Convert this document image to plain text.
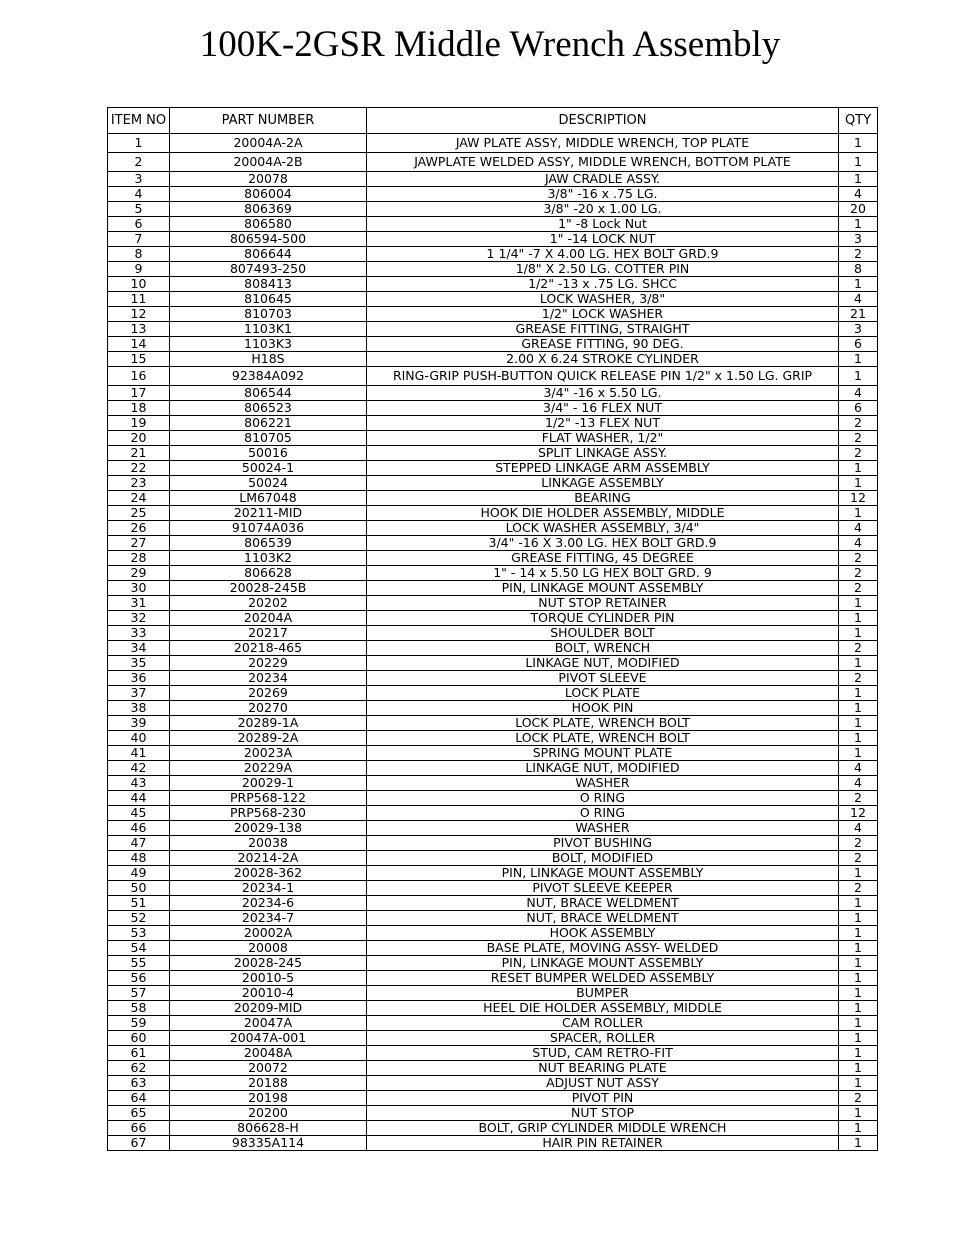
100K-2GSR Middle Wrench Assembly
ITEM NO	PART NUMBER	DESCRIPTION	QTY
1	20004A-2A	JAW PLATE ASSY, MIDDLE WRENCH, TOP PLATE	1
2	20004A-2B	JAWPLATE WELDED ASSY, MIDDLE WRENCH, BOTTOM PLATE	1
3	20078	JAW CRADLE ASSY.	1
4	806004	3/8" -16 x .75 LG.	4
5	806369	3/8" -20 x 1.00 LG.	20
6	806580	1" -8 Lock Nut	1
7	806594-500	1" -14 LOCK NUT	3
8	806644	1 1/4" -7 X 4.00 LG. HEX BOLT GRD.9	2
9	807493-250	1/8" X 2.50 LG. COTTER PIN	8
10	808413	1/2" -13 x .75 LG. SHCC	1
11	810645	LOCK WASHER, 3/8"	4
12	810703	1/2" LOCK WASHER	21
13	1103K1	GREASE FITTING, STRAIGHT	3
14	1103K3	GREASE FITTING, 90 DEG.	6
15	H18S	2.00 X 6.24 STROKE CYLINDER	1
16	92384A092	RING-GRIP PUSH-BUTTON QUICK RELEASE PIN 1/2" x 1.50 LG. GRIP	1
17	806544	3/4" -16 x 5.50 LG.	4
18	806523	3/4" - 16 FLEX NUT	6
19	806221	1/2" -13 FLEX NUT	2
20	810705	FLAT WASHER, 1/2"	2
21	50016	SPLIT LINKAGE ASSY.	2
22	50024-1	STEPPED LINKAGE ARM ASSEMBLY	1
23	50024	LINKAGE ASSEMBLY	1
24	LM67048	BEARING	12
25	20211-MID	HOOK DIE HOLDER ASSEMBLY, MIDDLE	1
26	91074A036	LOCK WASHER ASSEMBLY, 3/4"	4
27	806539	3/4" -16 X 3.00 LG. HEX BOLT GRD.9	4
28	1103K2	GREASE FITTING, 45 DEGREE	2
29	806628	1" - 14 x 5.50 LG HEX BOLT GRD. 9	2
30	20028-245B	PIN, LINKAGE MOUNT ASSEMBLY	2
31	20202	NUT STOP RETAINER	1
32	20204A	TORQUE CYLINDER PIN	1
33	20217	SHOULDER BOLT	1
34	20218-465	BOLT, WRENCH	2
35	20229	LINKAGE NUT, MODIFIED	1
36	20234	PIVOT SLEEVE	2
37	20269	LOCK PLATE	1
38	20270	HOOK PIN	1
39	20289-1A	LOCK PLATE, WRENCH BOLT	1
40	20289-2A	LOCK PLATE, WRENCH BOLT	1
41	20023A	SPRING MOUNT PLATE	1
42	20229A	LINKAGE NUT, MODIFIED	4
43	20029-1	WASHER	4
44	PRP568-122	O RING	2
45	PRP568-230	O RING	12
46	20029-138	WASHER	4
47	20038	PIVOT BUSHING	2
48	20214-2A	BOLT, MODIFIED	2
49	20028-362	PIN, LINKAGE MOUNT ASSEMBLY	1
50	20234-1	PIVOT SLEEVE KEEPER	2
51	20234-6	NUT, BRACE WELDMENT	1
52	20234-7	NUT, BRACE WELDMENT	1
53	20002A	HOOK ASSEMBLY	1
54	20008	BASE PLATE, MOVING ASSY- WELDED	1
55	20028-245	PIN, LINKAGE MOUNT ASSEMBLY	1
56	20010-5	RESET BUMPER WELDED ASSEMBLY	1
57	20010-4	BUMPER	1
58	20209-MID	HEEL DIE HOLDER ASSEMBLY, MIDDLE	1
59	20047A	CAM ROLLER	1
60	20047A-001	SPACER, ROLLER	1
61	20048A	STUD, CAM RETRO-FIT	1
62	20072	NUT BEARING PLATE	1
63	20188	ADJUST NUT ASSY	1
64	20198	PIVOT PIN	2
65	20200	NUT STOP	1
66	806628-H	BOLT, GRIP CYLINDER MIDDLE WRENCH	1
67	98335A114	HAIR PIN RETAINER	1
